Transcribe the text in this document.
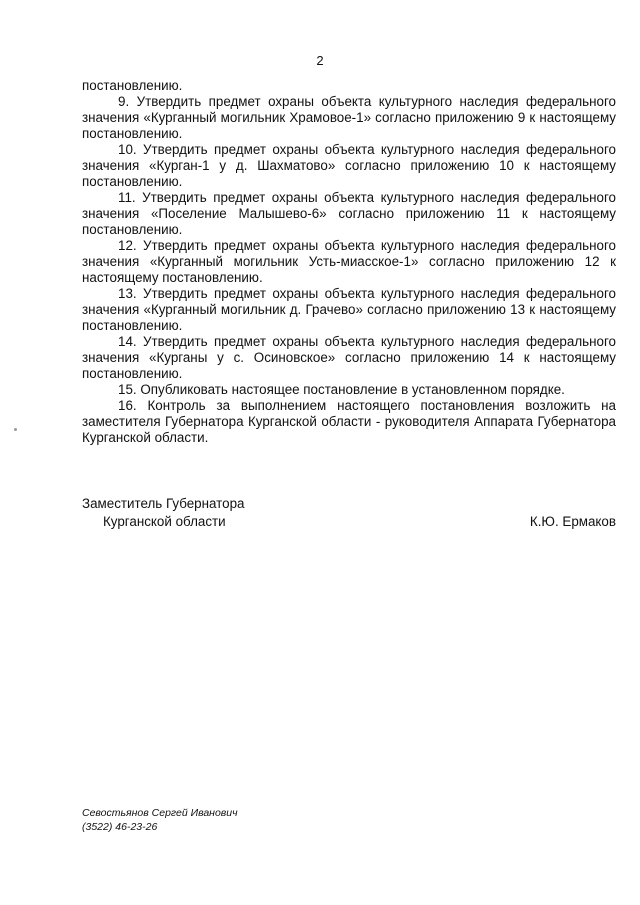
2

постановлению.

9. Утвердить предмет охраны объекта культурного наследия федерального значения «Курганный могильник Храмовое-1» согласно приложению 9 к настоящему постановлению.

10. Утвердить предмет охраны объекта культурного наследия федерального значения «Курган-1 у д. Шахматово» согласно приложению 10 к настоящему постановлению.

11. Утвердить предмет охраны объекта культурного наследия федерального значения «Поселение Малышево-6» согласно приложению 11 к настоящему постановлению.

12. Утвердить предмет охраны объекта культурного наследия федерального значения «Курганный могильник Усть-миасское-1» согласно приложению 12 к настоящему постановлению.

13. Утвердить предмет охраны объекта культурного наследия федерального значения «Курганный могильник д. Грачево» согласно приложению 13 к настоящему постановлению.

14. Утвердить предмет охраны объекта культурного наследия федерального значения «Курганы у с. Осиновское» согласно приложению 14 к настоящему постановлению.

15. Опубликовать настоящее постановление в установленном порядке.

16. Контроль за выполнением настоящего постановления возложить на заместителя Губернатора Курганской области - руководителя Аппарата Губернатора Курганской области.

Заместитель Губернатора
Курганской области	К.Ю. Ермаков
Севостьянов Сергей Иванович
(3522) 46-23-26
